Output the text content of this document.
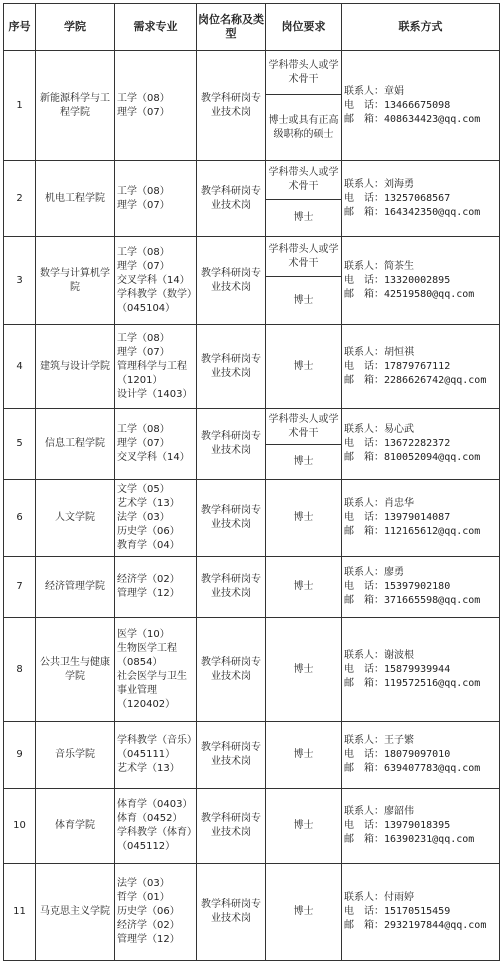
序号	学院	需求专业	岗位名称及类型	岗位要求	联系方式
1	新能源科学与工程学院	工学（08）
理学（07）	教学科研岗专业技术岗	学科带头人或学术骨干	联系人：章娟
电　话：13466675098
邮　箱：408634423@qq.com

				博士或具有正高级职称的硕士	
2	机电工程学院	工学（08）
理学（07）	教学科研岗专业技术岗	学科带头人或学术骨干	联系人：刘海勇
电　话：13257068567
邮　箱：164342350@qq.com

				博士	
3	数学与计算机学院	工学（08）
理学（07）
交叉学科（14）
学科教学（数学）（045104）	教学科研岗专业技术岗	学科带头人或学术骨干	联系人：简茶生
电　话：13320002895
邮　箱：42519580@qq.com

				博士	
4	建筑与设计学院	工学（08）
理学（07）
管理科学与工程（1201）
设计学（1403）	教学科研岗专业技术岗	博士	联系人：胡恒祺
电　话：17879767112
邮　箱：2286626742@qq.com

5	信息工程学院	工学（08）
理学（07）
交叉学科（14）	教学科研岗专业技术岗	学科带头人或学术骨干	联系人：易心武
电　话：13672282372
邮　箱：810052094@qq.com

				博士	
6	人文学院	文学（05）
艺术学（13）
法学（03）
历史学（06）
教育学（04）	教学科研岗专业技术岗	博士	联系人：肖忠华
电　话：13979014087
邮　箱：112165612@qq.com

7	经济管理学院	经济学（02）
管理学（12）	教学科研岗专业技术岗	博士	联系人：廖勇
电　话：15397902180
邮　箱：371665598@qq.com

8	公共卫生与健康学院	医学（10）
生物医学工程（0854）
社会医学与卫生事业管理（120402）	教学科研岗专业技术岗	博士	联系人：谢波根
电　话：15879939944
邮　箱：119572516@qq.com

9	音乐学院	学科教学（音乐）（045111）
艺术学（13）	教学科研岗专业技术岗	博士	联系人：王子繁
电　话：18079097010
邮　箱：639407783@qq.com

10	体育学院	体育学（0403）
体育（0452）
学科教学（体育）（045112）	教学科研岗专业技术岗	博士	联系人：廖韶伟
电　话：13979018395
邮　箱：16390231@qq.com

11	马克思主义学院	法学（03）
哲学（01）
历史学（06）
经济学（02）
管理学（12）	教学科研岗专业技术岗	博士	联系人：付雨婷
电　话：15170515459
邮　箱：2932197844@qq.com
